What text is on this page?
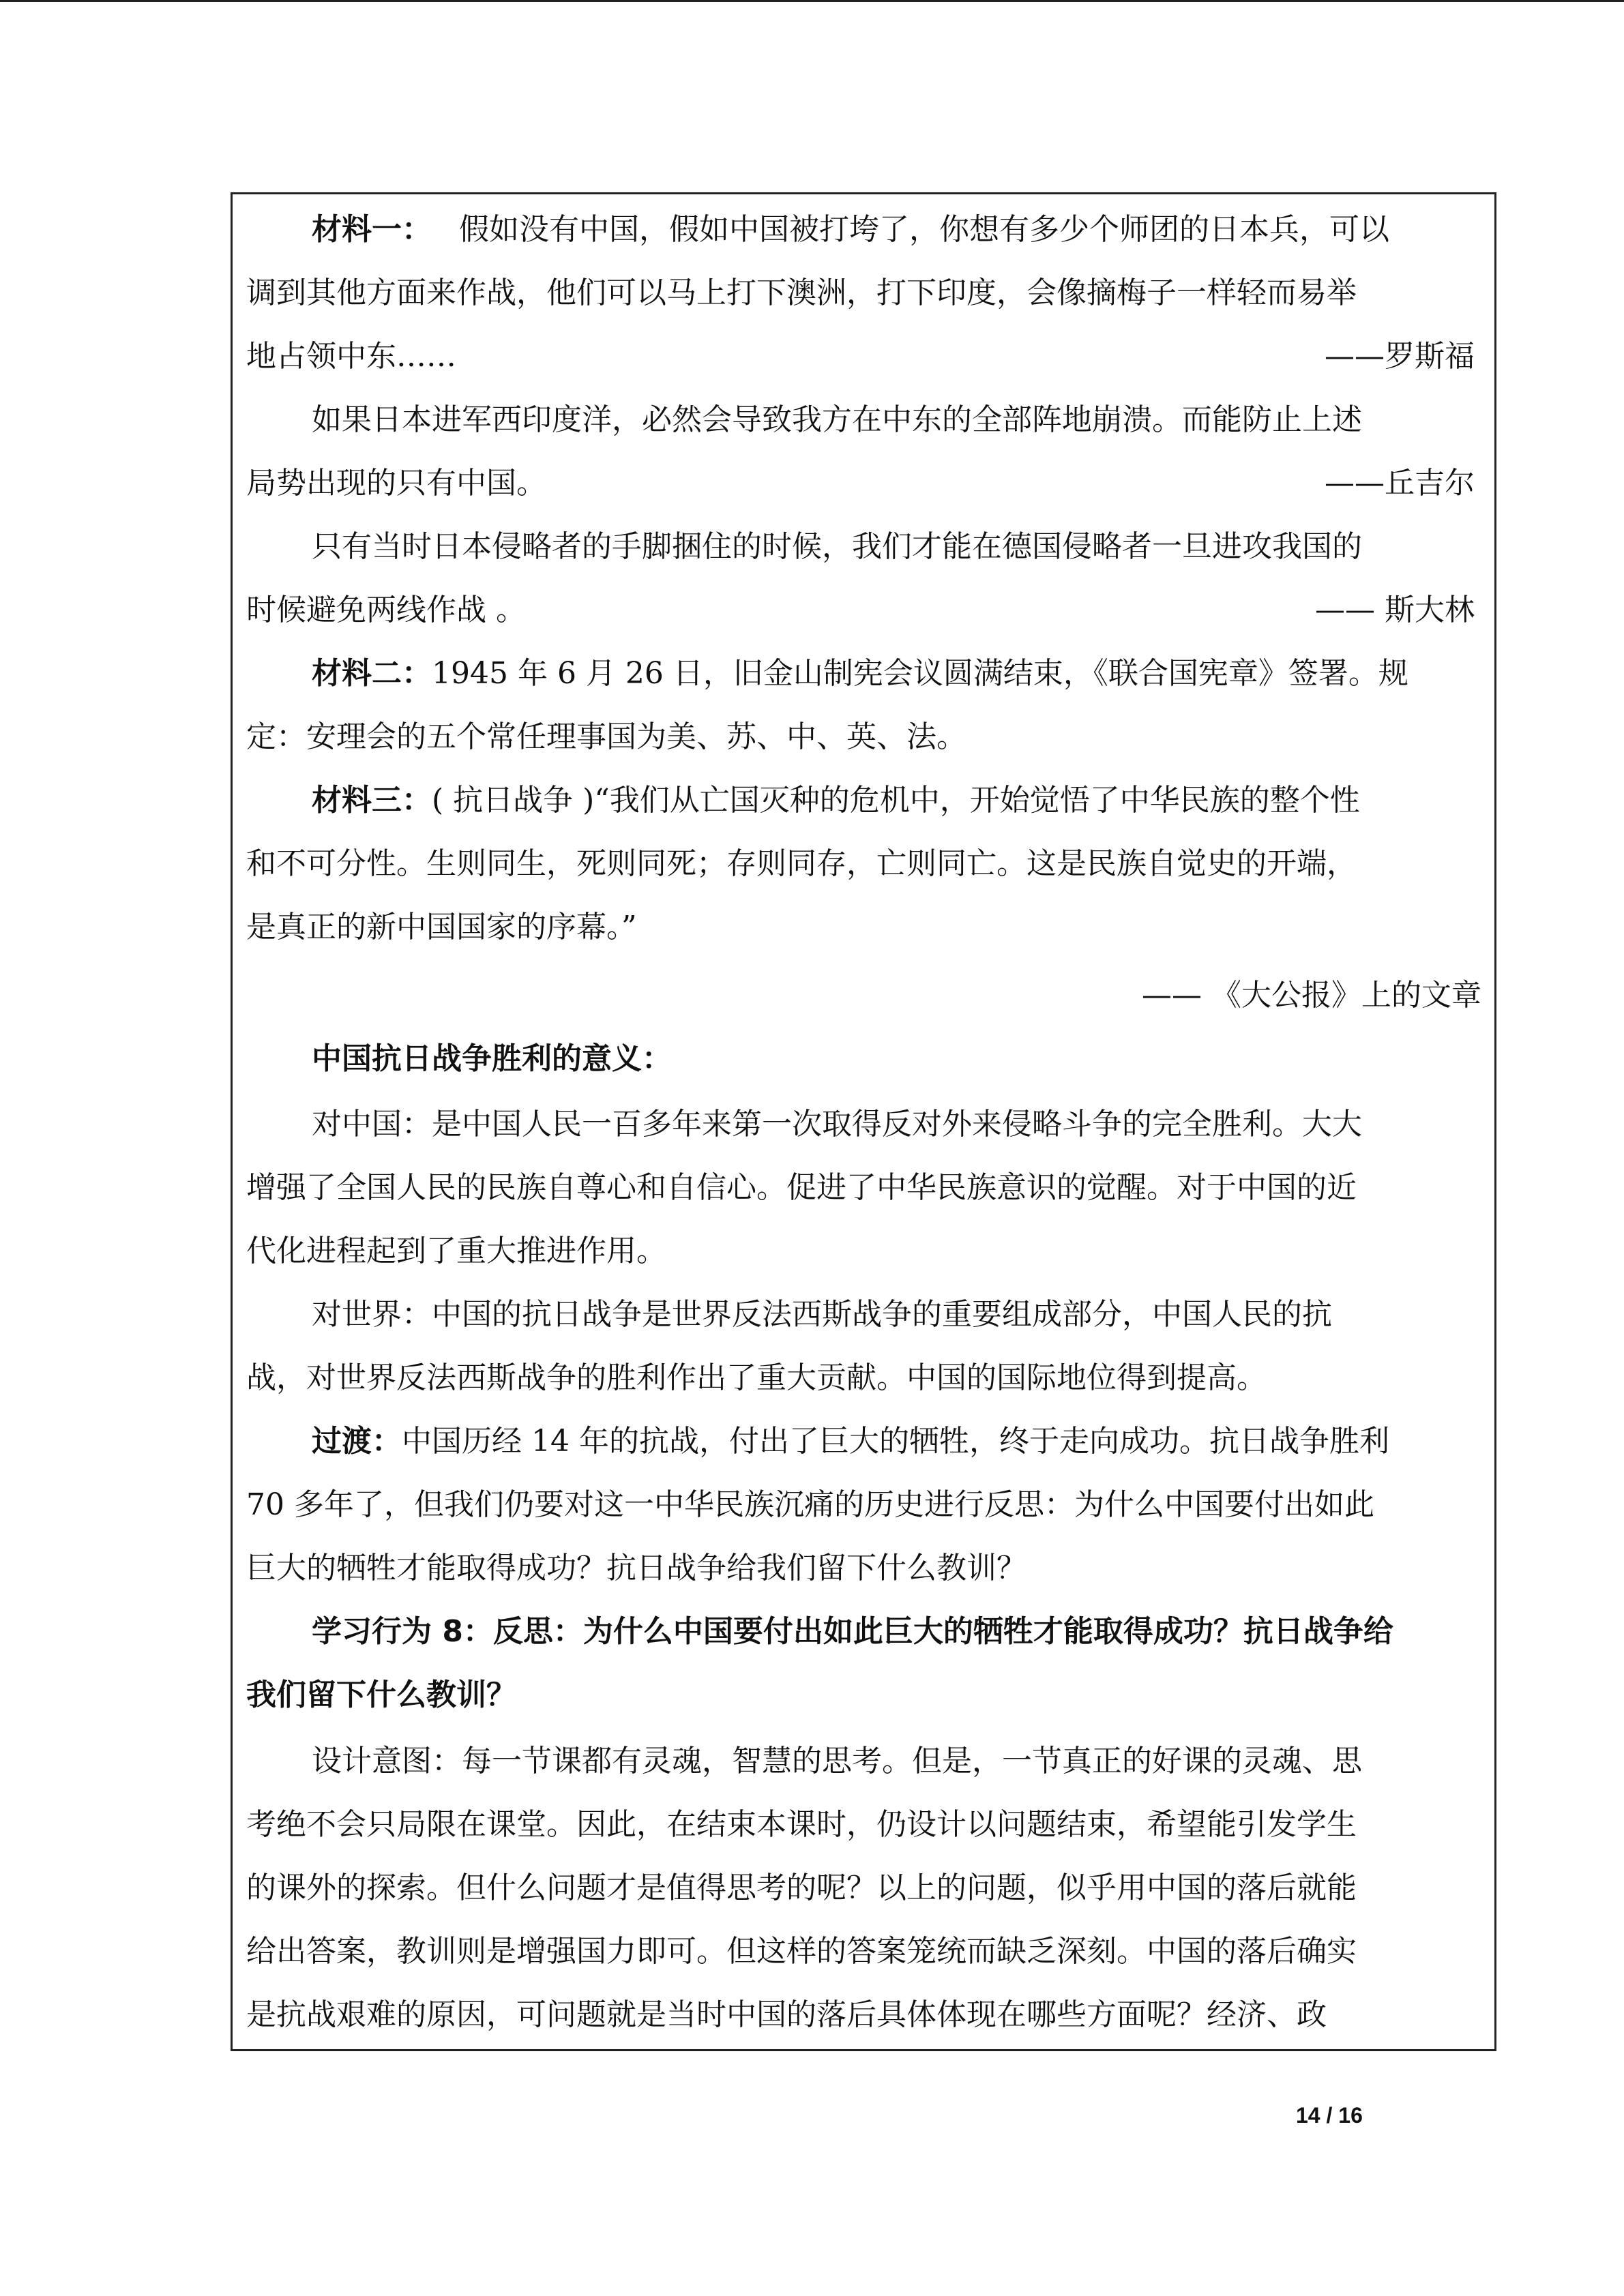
材料一： 假如没有中国，假如中国被打垮了，你想有多少个师团的日本兵，可以
调到其他方面来作战，他们可以马上打下澳洲，打下印度，会像摘梅子一样轻而易举
地占领中东……	——罗斯福
如果日本进军西印度洋，必然会导致我方在中东的全部阵地崩溃。而能防止上述
局势出现的只有中国。	——丘吉尔
只有当时日本侵略者的手脚捆住的时候，我们才能在德国侵略者一旦进攻我国的
时候避免两线作战 。	—— 斯大林
材料二：1945 年 6 月 26 日，旧金山制宪会议圆满结束，《联合国宪章》签署。规
定：安理会的五个常任理事国为美、苏、中、英、法。
材料三：( 抗日战争 )“我们从亡国灭种的危机中，开始觉悟了中华民族的整个性
和不可分性。生则同生，死则同死；存则同存，亡则同亡。这是民族自觉史的开端，
是真正的新中国国家的序幕。”
—— 《大公报》上的文章
中国抗日战争胜利的意义：
对中国：是中国人民一百多年来第一次取得反对外来侵略斗争的完全胜利。大大
增强了全国人民的民族自尊心和自信心。促进了中华民族意识的觉醒。对于中国的近
代化进程起到了重大推进作用。
对世界：中国的抗日战争是世界反法西斯战争的重要组成部分，中国人民的抗
战，对世界反法西斯战争的胜利作出了重大贡献。中国的国际地位得到提高。
过渡：中国历经 14 年的抗战，付出了巨大的牺牲，终于走向成功。抗日战争胜利
70 多年了，但我们仍要对这一中华民族沉痛的历史进行反思：为什么中国要付出如此
巨大的牺牲才能取得成功？抗日战争给我们留下什么教训？
学习行为 8：反思：为什么中国要付出如此巨大的牺牲才能取得成功？抗日战争给
我们留下什么教训？
设计意图：每一节课都有灵魂，智慧的思考。但是，一节真正的好课的灵魂、思
考绝不会只局限在课堂。因此，在结束本课时，仍设计以问题结束，希望能引发学生
的课外的探索。但什么问题才是值得思考的呢？以上的问题，似乎用中国的落后就能
给出答案，教训则是增强国力即可。但这样的答案笼统而缺乏深刻。中国的落后确实
是抗战艰难的原因，可问题就是当时中国的落后具体体现在哪些方面呢？经济、政
14 / 16
